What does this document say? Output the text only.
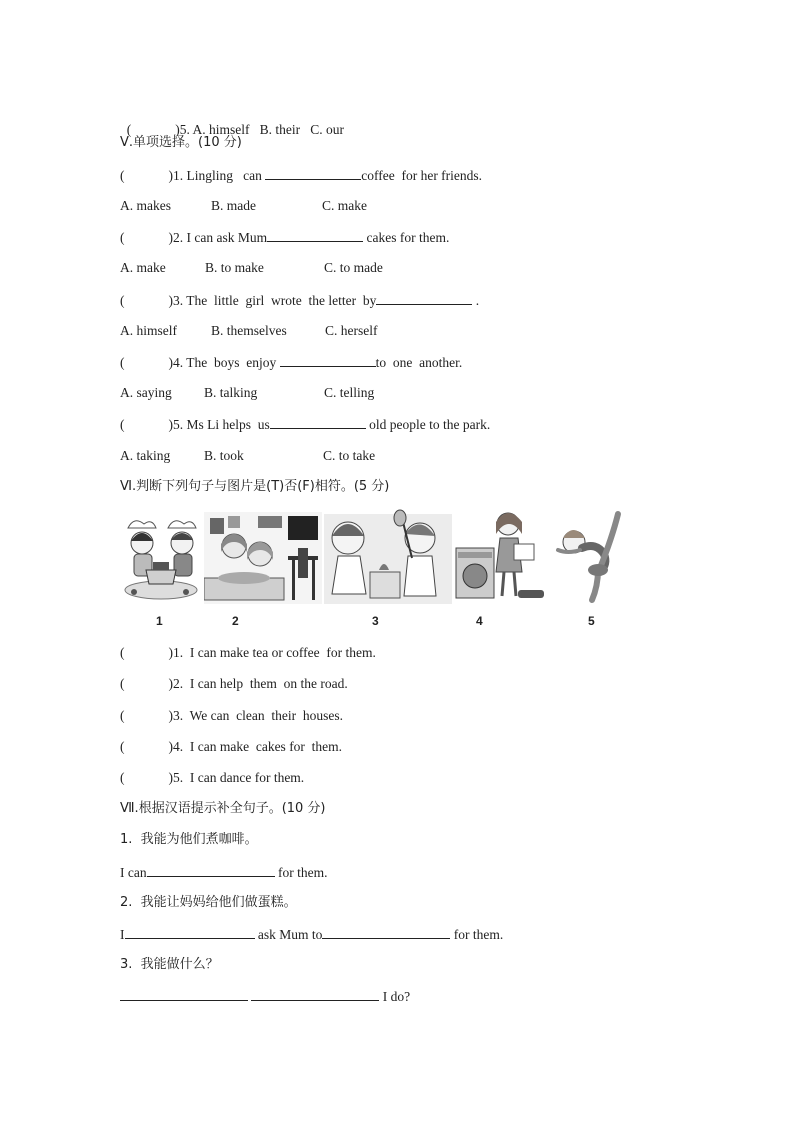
(	)5. A. himself   B. their   C. our

Ⅴ.单项选择。(10 分)
(	)1. Lingling   can	coffee  for her friends.
A. makes	B. made	C. make
(	)2. I can ask Mum	cakes for them.
A. make	B. to make	C. to made
(	)3. The  little  girl  wrote  the letter  by	.
A. himself	B. themselves	C. herself
(	)4. The  boys  enjoy	to  one  another.
A. saying B. talking	C. telling
(	)5. Ms Li helps  us	old people to the park.
A. taking	B. took	C. to take
Ⅵ.判断下列句子与图片是(T)否(F)相符。(5 分)
1	2	3	4	5
(	)1.  I can make tea or coffee  for them.
(	)2.  I can help  them  on the road.
(	)3.  We can  clean  their  houses.
(	)4.  I can make  cakes for  them.
(	)5.  I can dance for them.
Ⅶ.根据汉语提示补全句子。(10 分)
1.  我能为他们煮咖啡。
I can	for them.
2.  我能让妈妈给他们做蛋糕。
I	ask Mum to	for them.
3.  我能做什么？
I do?
